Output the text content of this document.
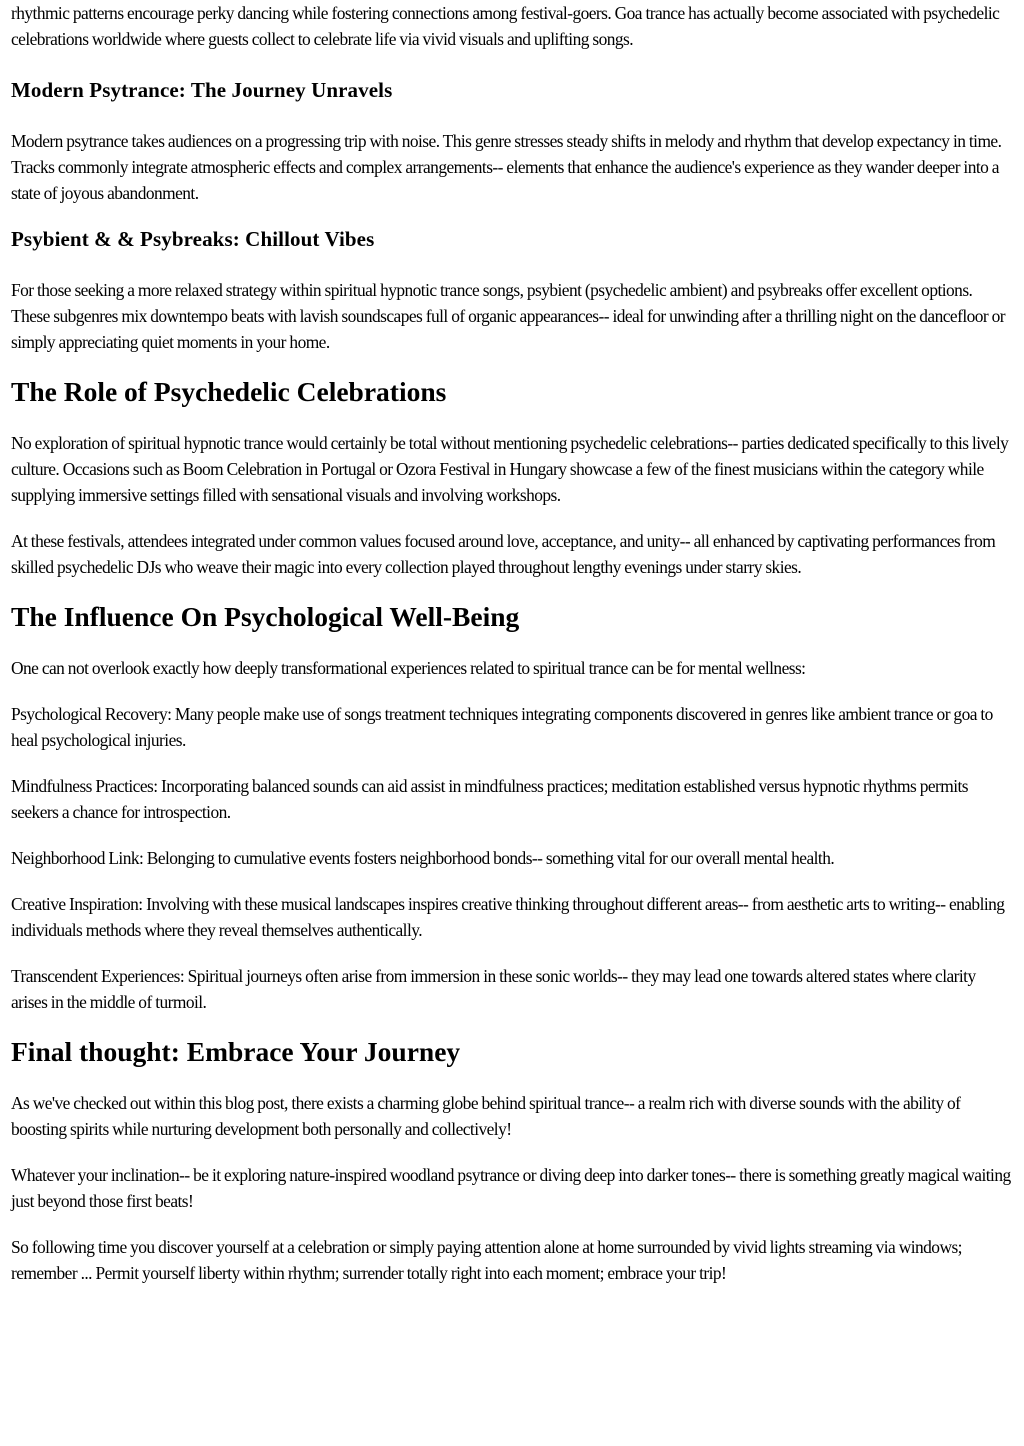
rhythmic patterns encourage perky dancing while fostering connections among festival-goers. Goa trance has actually become associated with psychedelic celebrations worldwide where guests collect to celebrate life via vivid visuals and uplifting songs.

Modern Psytrance: The Journey Unravels

Modern psytrance takes audiences on a progressing trip with noise. This genre stresses steady shifts in melody and rhythm that develop expectancy in time. Tracks commonly integrate atmospheric effects and complex arrangements-- elements that enhance the audience's experience as they wander deeper into a state of joyous abandonment.

Psybient & & Psybreaks: Chillout Vibes

For those seeking a more relaxed strategy within spiritual hypnotic trance songs, psybient (psychedelic ambient) and psybreaks offer excellent options. These subgenres mix downtempo beats with lavish soundscapes full of organic appearances-- ideal for unwinding after a thrilling night on the dancefloor or simply appreciating quiet moments in your home.

The Role of Psychedelic Celebrations

No exploration of spiritual hypnotic trance would certainly be total without mentioning psychedelic celebrations-- parties dedicated specifically to this lively culture. Occasions such as Boom Celebration in Portugal or Ozora Festival in Hungary showcase a few of the finest musicians within the category while supplying immersive settings filled with sensational visuals and involving workshops.

At these festivals, attendees integrated under common values focused around love, acceptance, and unity-- all enhanced by captivating performances from skilled psychedelic DJs who weave their magic into every collection played throughout lengthy evenings under starry skies.

The Influence On Psychological Well-Being

One can not overlook exactly how deeply transformational experiences related to spiritual trance can be for mental wellness:

Psychological Recovery: Many people make use of songs treatment techniques integrating components discovered in genres like ambient trance or goa to heal psychological injuries.

Mindfulness Practices: Incorporating balanced sounds can aid assist in mindfulness practices; meditation established versus hypnotic rhythms permits seekers a chance for introspection.

Neighborhood Link: Belonging to cumulative events fosters neighborhood bonds-- something vital for our overall mental health.

Creative Inspiration: Involving with these musical landscapes inspires creative thinking throughout different areas-- from aesthetic arts to writing-- enabling individuals methods where they reveal themselves authentically.

Transcendent Experiences: Spiritual journeys often arise from immersion in these sonic worlds-- they may lead one towards altered states where clarity arises in the middle of turmoil.

Final thought: Embrace Your Journey

As we've checked out within this blog post, there exists a charming globe behind spiritual trance-- a realm rich with diverse sounds with the ability of boosting spirits while nurturing development both personally and collectively!

Whatever your inclination-- be it exploring nature-inspired woodland psytrance or diving deep into darker tones-- there is something greatly magical waiting just beyond those first beats!

So following time you discover yourself at a celebration or simply paying attention alone at home surrounded by vivid lights streaming via windows; remember ... Permit yourself liberty within rhythm; surrender totally right into each moment; embrace your trip!
